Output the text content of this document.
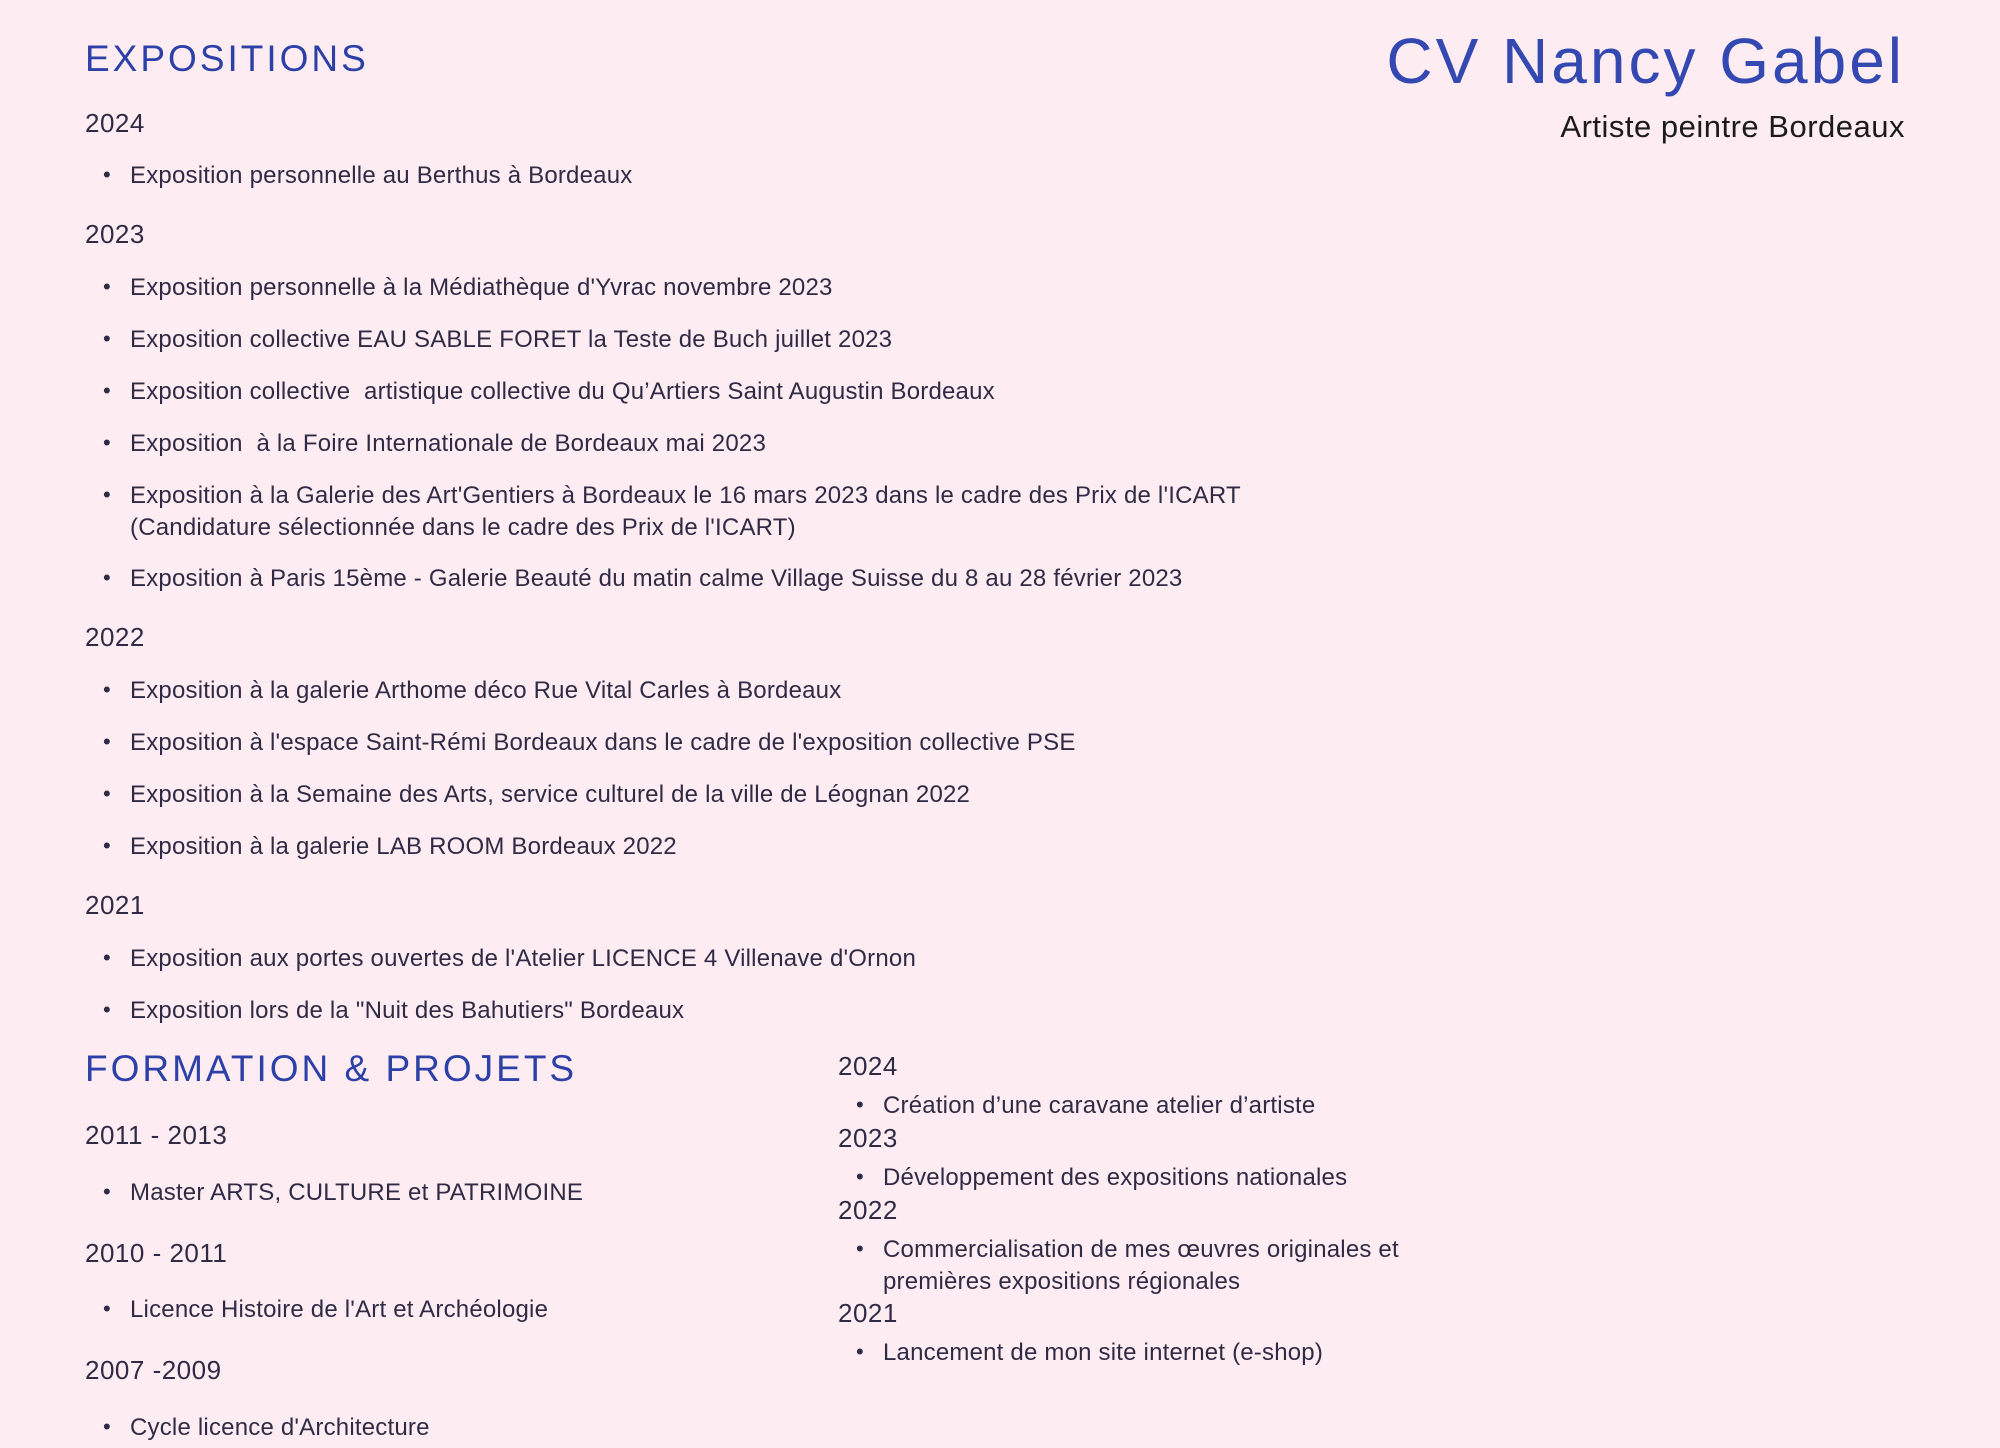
CV Nancy Gabel
Artiste peintre Bordeaux
EXPOSITIONS
2024
• Exposition personnelle au Berthus à Bordeaux
2023
• Exposition personnelle à la Médiathèque d'Yvrac novembre 2023
• Exposition collective EAU SABLE FORET la Teste de Buch juillet 2023
• Exposition collective  artistique collective du Qu’Artiers Saint Augustin Bordeaux
• Exposition  à la Foire Internationale de Bordeaux mai 2023
• Exposition à la Galerie des Art'Gentiers à Bordeaux le 16 mars 2023 dans le cadre des Prix de l'ICART (Candidature sélectionnée dans le cadre des Prix de l'ICART)
• Exposition à Paris 15ème - Galerie Beauté du matin calme Village Suisse du 8 au 28 février 2023
2022
• Exposition à la galerie Arthome déco Rue Vital Carles à Bordeaux
• Exposition à l'espace Saint-Rémi Bordeaux dans le cadre de l'exposition collective PSE
• Exposition à la Semaine des Arts, service culturel de la ville de Léognan 2022
• Exposition à la galerie LAB ROOM Bordeaux 2022
2021
• Exposition aux portes ouvertes de l'Atelier LICENCE 4 Villenave d'Ornon
• Exposition lors de la "Nuit des Bahutiers" Bordeaux
FORMATION & PROJETS
2011 - 2013
• Master ARTS, CULTURE et PATRIMOINE
2010 - 2011
• Licence Histoire de l'Art et Archéologie
2007 -2009
• Cycle licence d'Architecture
2024
• Création d’une caravane atelier d’artiste
2023
• Développement des expositions nationales
2022
• Commercialisation de mes œuvres originales et premières expositions régionales
2021
• Lancement de mon site internet (e-shop)
